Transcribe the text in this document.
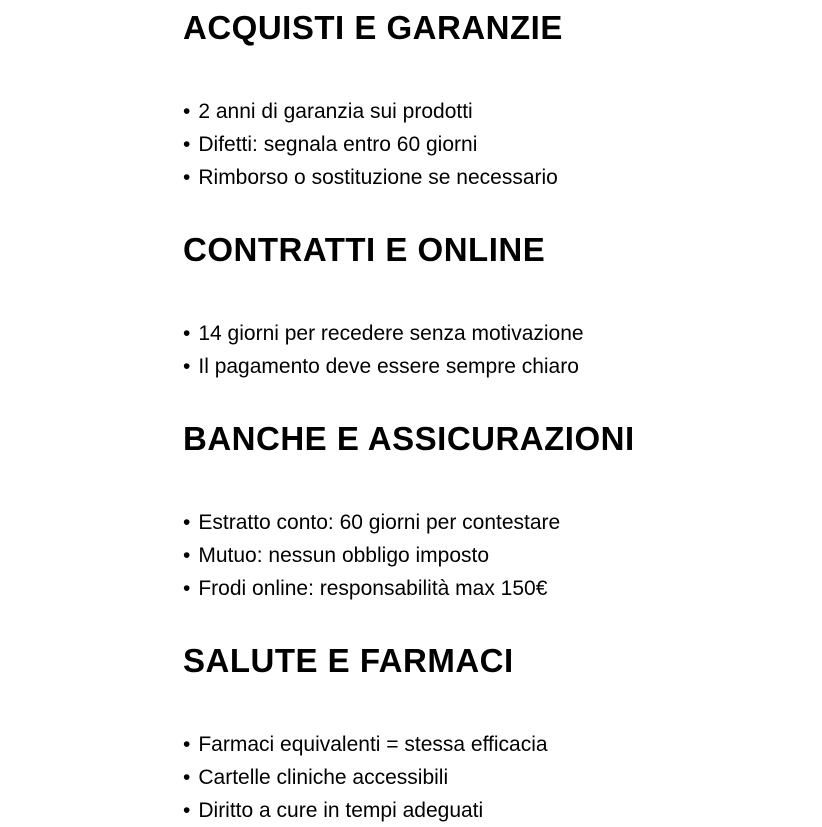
ACQUISTI E GARANZIE
• 2 anni di garanzia sui prodotti
• Difetti: segnala entro 60 giorni
• Rimborso o sostituzione se necessario
CONTRATTI E ONLINE
• 14 giorni per recedere senza motivazione
• Il pagamento deve essere sempre chiaro
BANCHE E ASSICURAZIONI
• Estratto conto: 60 giorni per contestare
• Mutuo: nessun obbligo imposto
• Frodi online: responsabilità max 150€
SALUTE E FARMACI
• Farmaci equivalenti = stessa efficacia
• Cartelle cliniche accessibili
• Diritto a cure in tempi adeguati
